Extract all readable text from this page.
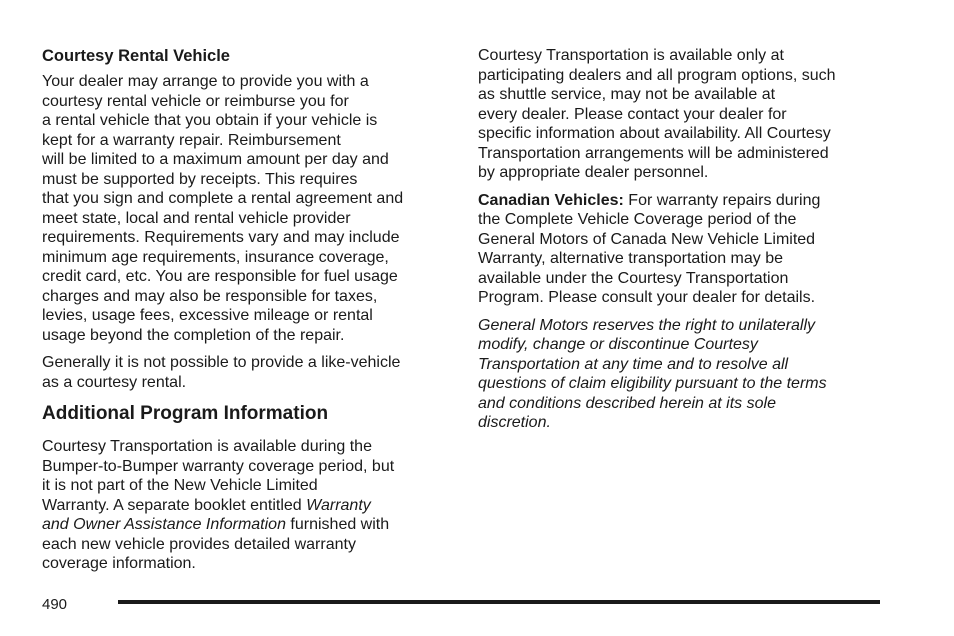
Courtesy Rental Vehicle
Your dealer may arrange to provide you with a
courtesy rental vehicle or reimburse you for
a rental vehicle that you obtain if your vehicle is
kept for a warranty repair. Reimbursement
will be limited to a maximum amount per day and
must be supported by receipts. This requires
that you sign and complete a rental agreement and
meet state, local and rental vehicle provider
requirements. Requirements vary and may include
minimum age requirements, insurance coverage,
credit card, etc. You are responsible for fuel usage
charges and may also be responsible for taxes,
levies, usage fees, excessive mileage or rental
usage beyond the completion of the repair.
Generally it is not possible to provide a like-vehicle
as a courtesy rental.
Additional Program Information
Courtesy Transportation is available during the
Bumper-to-Bumper warranty coverage period, but
it is not part of the New Vehicle Limited
Warranty. A separate booklet entitled Warranty
and Owner Assistance Information furnished with
each new vehicle provides detailed warranty
coverage information.
Courtesy Transportation is available only at
participating dealers and all program options, such
as shuttle service, may not be available at
every dealer. Please contact your dealer for
specific information about availability. All Courtesy
Transportation arrangements will be administered
by appropriate dealer personnel.
Canadian Vehicles: For warranty repairs during
the Complete Vehicle Coverage period of the
General Motors of Canada New Vehicle Limited
Warranty, alternative transportation may be
available under the Courtesy Transportation
Program. Please consult your dealer for details.
General Motors reserves the right to unilaterally
modify, change or discontinue Courtesy
Transportation at any time and to resolve all
questions of claim eligibility pursuant to the terms
and conditions described herein at its sole
discretion.
490
